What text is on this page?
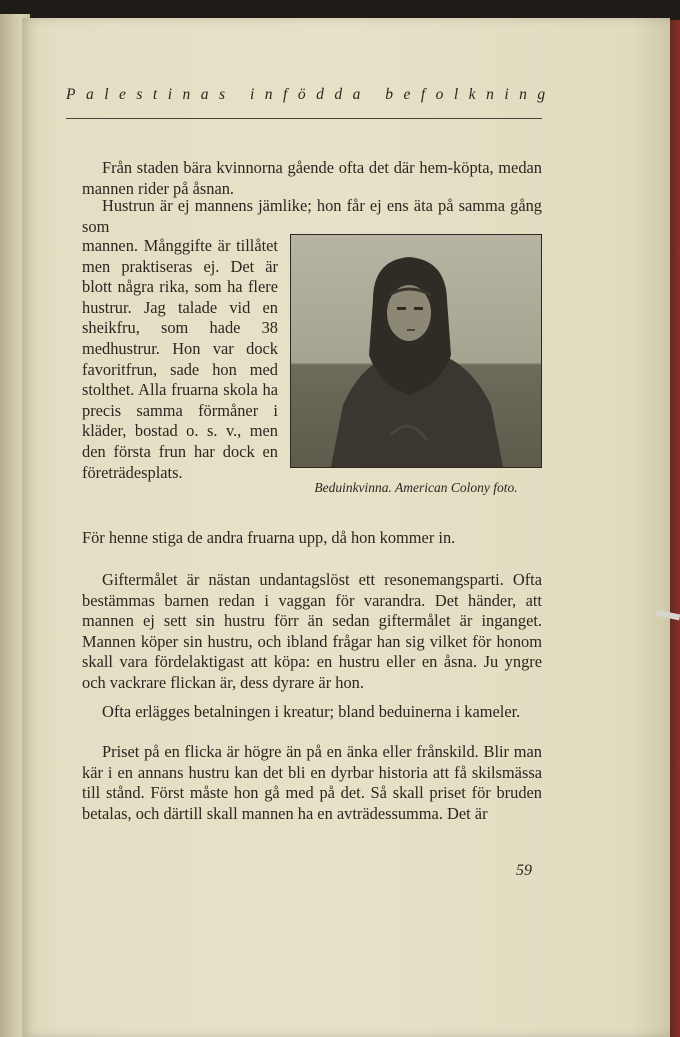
Palestinas infödda befolkning

Från staden bära kvinnorna gående ofta det där hem-köpta, medan mannen rider på åsnan.

Hustrun är ej mannens jämlike; hon får ej ens äta på samma gång som

mannen. Månggifte är tillåtet men praktiseras ej. Det är blott några rika, som ha flere hustrur. Jag talade vid en sheikfru, som hade 38 medhustrur. Hon var dock favoritfrun, sade hon med stolthet. Alla fruarna skola ha precis samma förmåner i kläder, bostad o. s. v., men den första frun har dock en företrädesplats.
Beduinkvinna. American Colony foto.

För henne stiga de andra fruarna upp, då hon kommer in.

Giftermålet är nästan undantagslöst ett resonemangsparti. Ofta bestämmas barnen redan i vaggan för varandra. Det händer, att mannen ej sett sin hustru förr än sedan giftermålet är inganget. Mannen köper sin hustru, och ibland frågar han sig vilket för honom skall vara fördelaktigast att köpa: en hustru eller en åsna. Ju yngre och vackrare flickan är, dess dyrare är hon.

Ofta erlägges betalningen i kreatur; bland beduinerna i kameler.

Priset på en flicka är högre än på en änka eller frånskild. Blir man kär i en annans hustru kan det bli en dyrbar historia att få skilsmässa till stånd. Först måste hon gå med på det. Så skall priset för bruden betalas, och därtill skall mannen ha en avträdessumma. Det är

59
